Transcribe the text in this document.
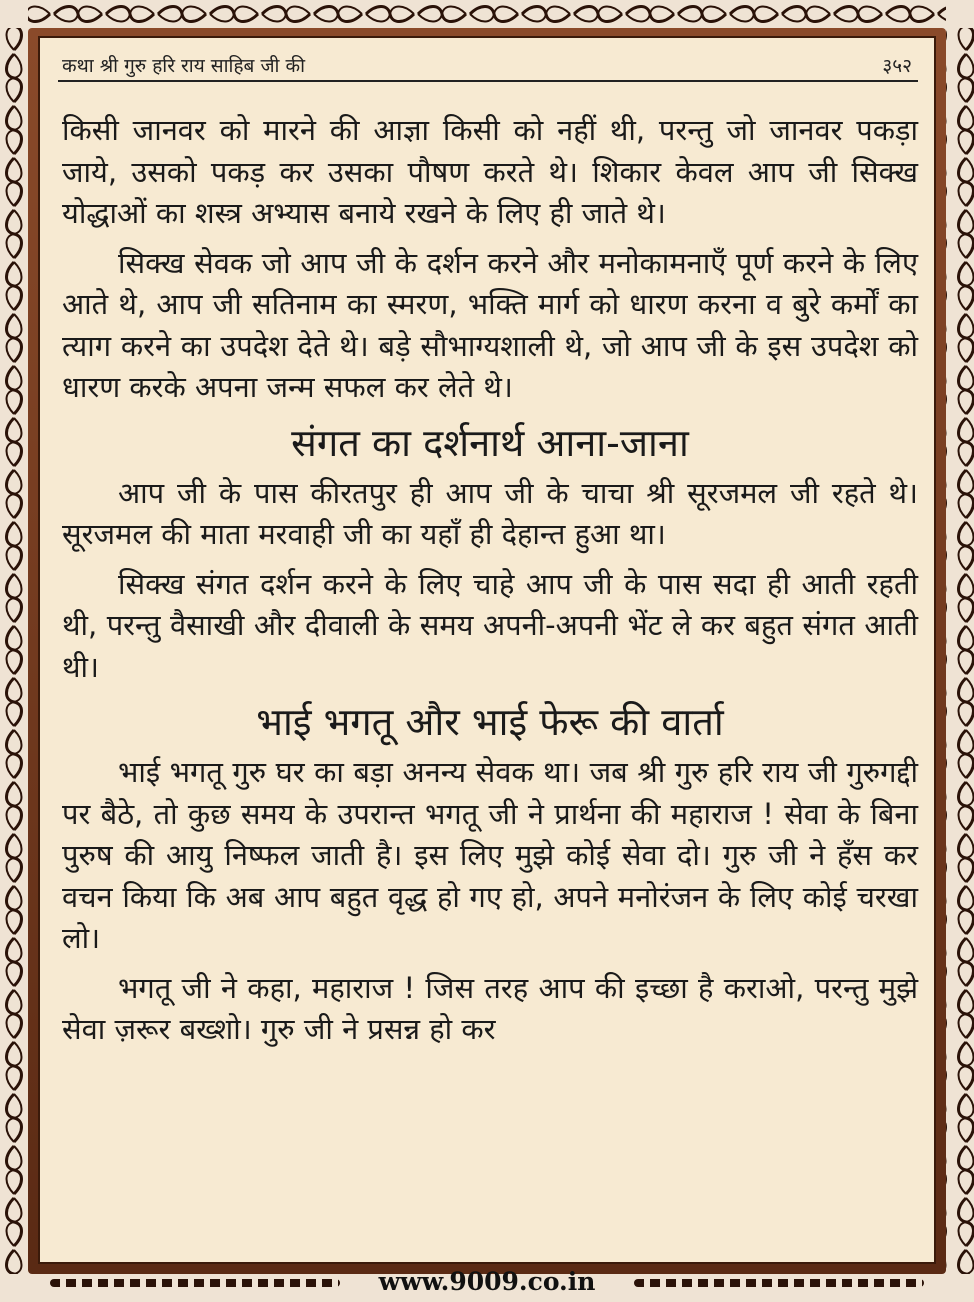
कथा श्री गुरु हरि राय साहिब जी की	३५२

किसी जानवर को मारने की आज्ञा किसी को नहीं थी, परन्तु जो जानवर पकड़ा जाये, उसको पकड़ कर उसका पौषण करते थे। शिकार केवल आप जी सिक्ख योद्धाओं का शस्त्र अभ्यास बनाये रखने के लिए ही जाते थे।

सिक्ख सेवक जो आप जी के दर्शन करने और मनोकामनाएँ पूर्ण करने के लिए आते थे, आप जी सतिनाम का स्मरण, भक्ति मार्ग को धारण करना व बुरे कर्मों का त्याग करने का उपदेश देते थे। बड़े सौभाग्यशाली थे, जो आप जी के इस उपदेश को धारण करके अपना जन्म सफल कर लेते थे।

संगत का दर्शनार्थ आना-जाना

आप जी के पास कीरतपुर ही आप जी के चाचा श्री सूरजमल जी रहते थे। सूरजमल की माता मरवाही जी का यहाँ ही देहान्त हुआ था।

सिक्ख संगत दर्शन करने के लिए चाहे आप जी के पास सदा ही आती रहती थी, परन्तु वैसाखी और दीवाली के समय अपनी-अपनी भेंट ले कर बहुत संगत आती थी।

भाई भगतू और भाई फेरू की वार्ता

भाई भगतू गुरु घर का बड़ा अनन्य सेवक था। जब श्री गुरु हरि राय जी गुरुगद्दी पर बैठे, तो कुछ समय के उपरान्त भगतू जी ने प्रार्थना की महाराज ! सेवा के बिना पुरुष की आयु निष्फल जाती है। इस लिए मुझे कोई सेवा दो। गुरु जी ने हँस कर वचन किया कि अब आप बहुत वृद्ध हो गए हो, अपने मनोरंजन के लिए कोई चरखा लो।

भगतू जी ने कहा, महाराज ! जिस तरह आप की इच्छा है कराओ, परन्तु मुझे सेवा ज़रूर बख्शो। गुरु जी ने प्रसन्न हो कर

www.9009.co.in
